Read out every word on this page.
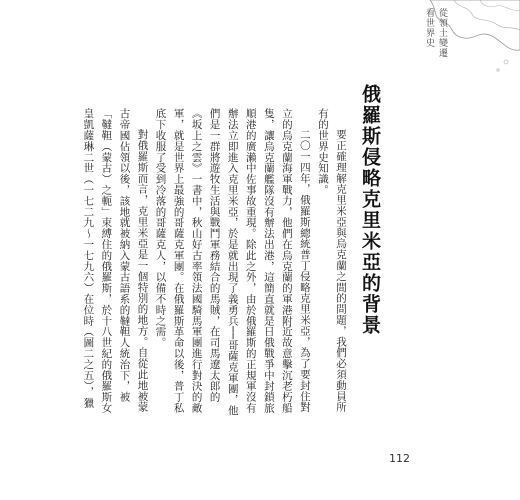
從領土變遷
看世界史
俄羅斯侵略克里米亞的背景

要正確理解克里米亞與烏克蘭之間的問題，我們必須動員所有的世界史知識。

二〇一四年，俄羅斯總統普丁侵略克里米亞，為了要封住對立的烏克蘭海軍戰力，他們在烏克蘭的軍港附近故意擊沉老朽船隻，讓烏克蘭艦隊沒有辦法出港，這簡直就是日俄戰爭中封鎖旅順港的廣瀨中佐事故重現。除此之外，由於俄羅斯的正規軍沒有辦法立即進入克里米亞，於是就出現了義勇兵──哥薩克軍團，他們是一群將遊牧生活與戰鬥軍務結合的馬賊，在司馬遼太郎的《坂上之雲》一書中，秋山好古率領法國騎馬軍團進行對決的敵軍，就是世界上最強的哥薩克軍團。在俄羅斯革命以後，普丁私底下收服了受到冷落的哥薩克人，以備不時之需。

對俄羅斯而言，克里米亞是一個特別的地方。自從此地被蒙古帝國佔領以後，該地就被納入蒙古語系的韃靼人統治下，被「韃靼（蒙古）之軛」束縛住的俄羅斯，於十八世紀的俄羅斯女皇凱薩琳二世（一七二九〜一七九六）在位時（圖二之五），獵

112
